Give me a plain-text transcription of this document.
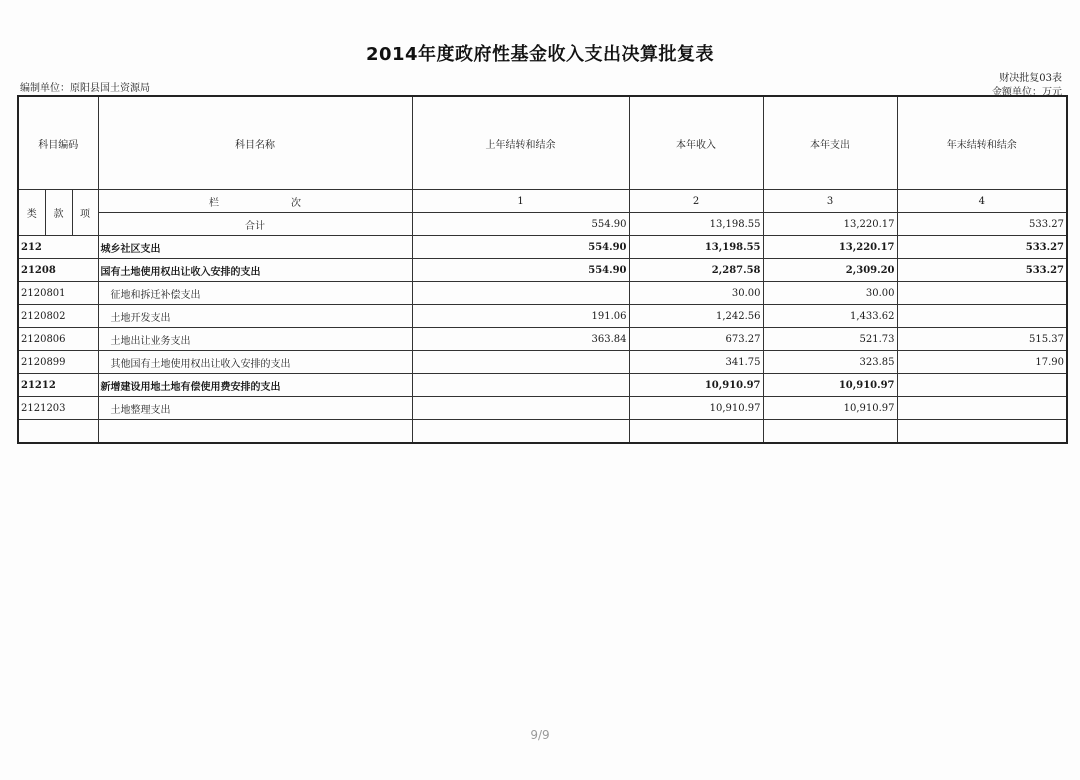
2014年度政府性基金收入支出决算批复表
编制单位：原阳县国土资源局
财决批复03表
金额单位：万元
科目编码			科目名称	上年结转和结余	本年收入	本年支出	年末结转和结余
类	款	项	栏 次	1	2	3	4
			合计	554.90	13,198.55	13,220.17	533.27
212			城乡社区支出	554.90	13,198.55	13,220.17	533.27
21208			国有土地使用权出让收入安排的支出	554.90	2,287.58	2,309.20	533.27
2120801			征地和拆迁补偿支出		30.00	30.00	
2120802			土地开发支出	191.06	1,242.56	1,433.62	
2120806			土地出让业务支出	363.84	673.27	521.73	515.37
2120899			其他国有土地使用权出让收入安排的支出		341.75	323.85	17.90
21212			新增建设用地土地有偿使用费安排的支出		10,910.97	10,910.97	
2121203			土地整理支出		10,910.97	10,910.97	

9/9
